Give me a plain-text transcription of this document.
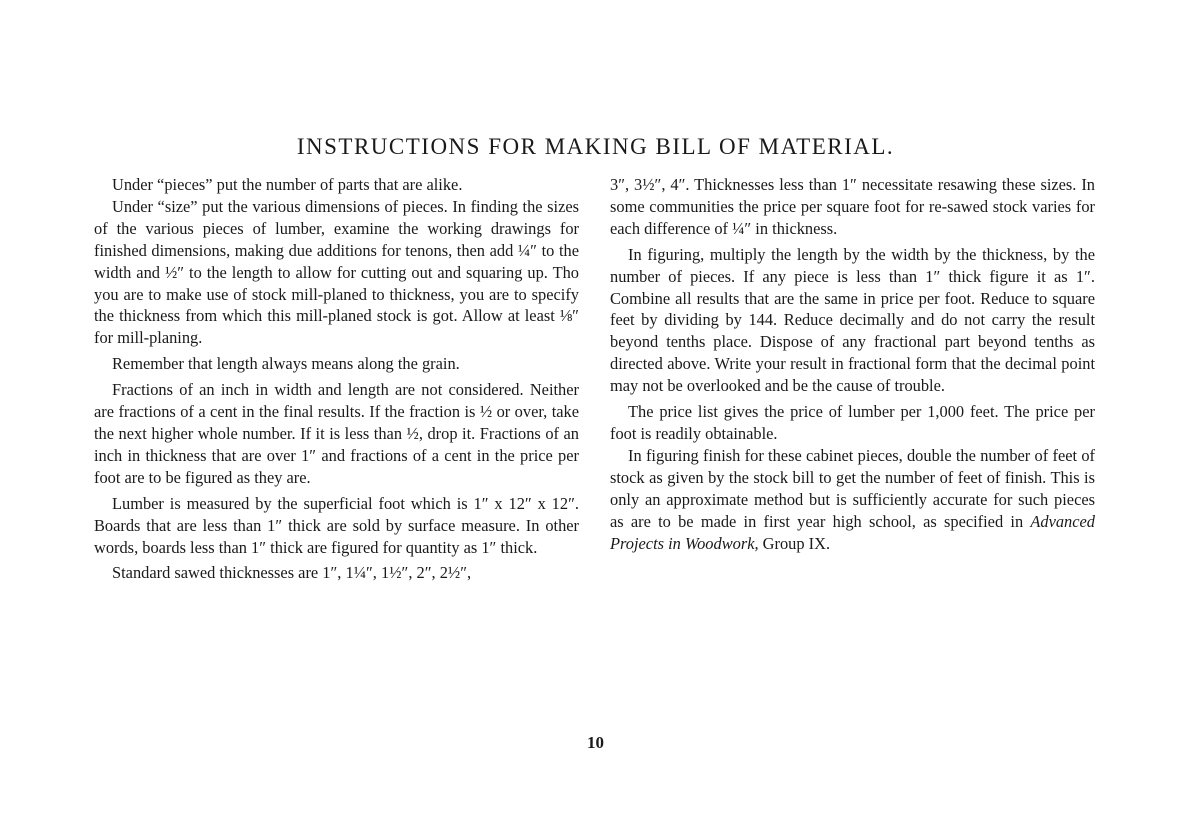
INSTRUCTIONS FOR MAKING BILL OF MATERIAL.

Under “pieces” put the number of parts that are alike.

Under “size” put the various dimensions of pieces. In finding the sizes of the various pieces of lumber, examine the working drawings for finished dimensions, making due additions for tenons, then add ¼″ to the width and ½″ to the length to allow for cutting out and squaring up. Tho you are to make use of stock mill-planed to thickness, you are to specify the thickness from which this mill-planed stock is got. Allow at least ⅛″ for mill-planing.

Remember that length always means along the grain.

Fractions of an inch in width and length are not considered. Neither are fractions of a cent in the final results. If the fraction is ½ or over, take the next higher whole number. If it is less than ½, drop it. Fractions of an inch in thickness that are over 1″ and fractions of a cent in the price per foot are to be figured as they are.

Lumber is measured by the superficial foot which is 1″ x 12″ x 12″. Boards that are less than 1″ thick are sold by surface measure. In other words, boards less than 1″ thick are figured for quantity as 1″ thick.

Standard sawed thicknesses are 1″, 1¼″, 1½″, 2″, 2½″,

3″, 3½″, 4″. Thicknesses less than 1″ necessitate resawing these sizes. In some communities the price per square foot for re-sawed stock varies for each difference of ¼″ in thickness.

In figuring, multiply the length by the width by the thickness, by the number of pieces. If any piece is less than 1″ thick figure it as 1″. Combine all results that are the same in price per foot. Reduce to square feet by dividing by 144. Reduce decimally and do not carry the result beyond tenths place. Dispose of any fractional part beyond tenths as directed above. Write your result in fractional form that the decimal point may not be overlooked and be the cause of trouble.

The price list gives the price of lumber per 1,000 feet. The price per foot is readily obtainable.

In figuring finish for these cabinet pieces, double the number of feet of stock as given by the stock bill to get the number of feet of finish. This is only an approximate method but is sufficiently accurate for such pieces as are to be made in first year high school, as specified in Advanced Projects in Woodwork, Group IX.

10
